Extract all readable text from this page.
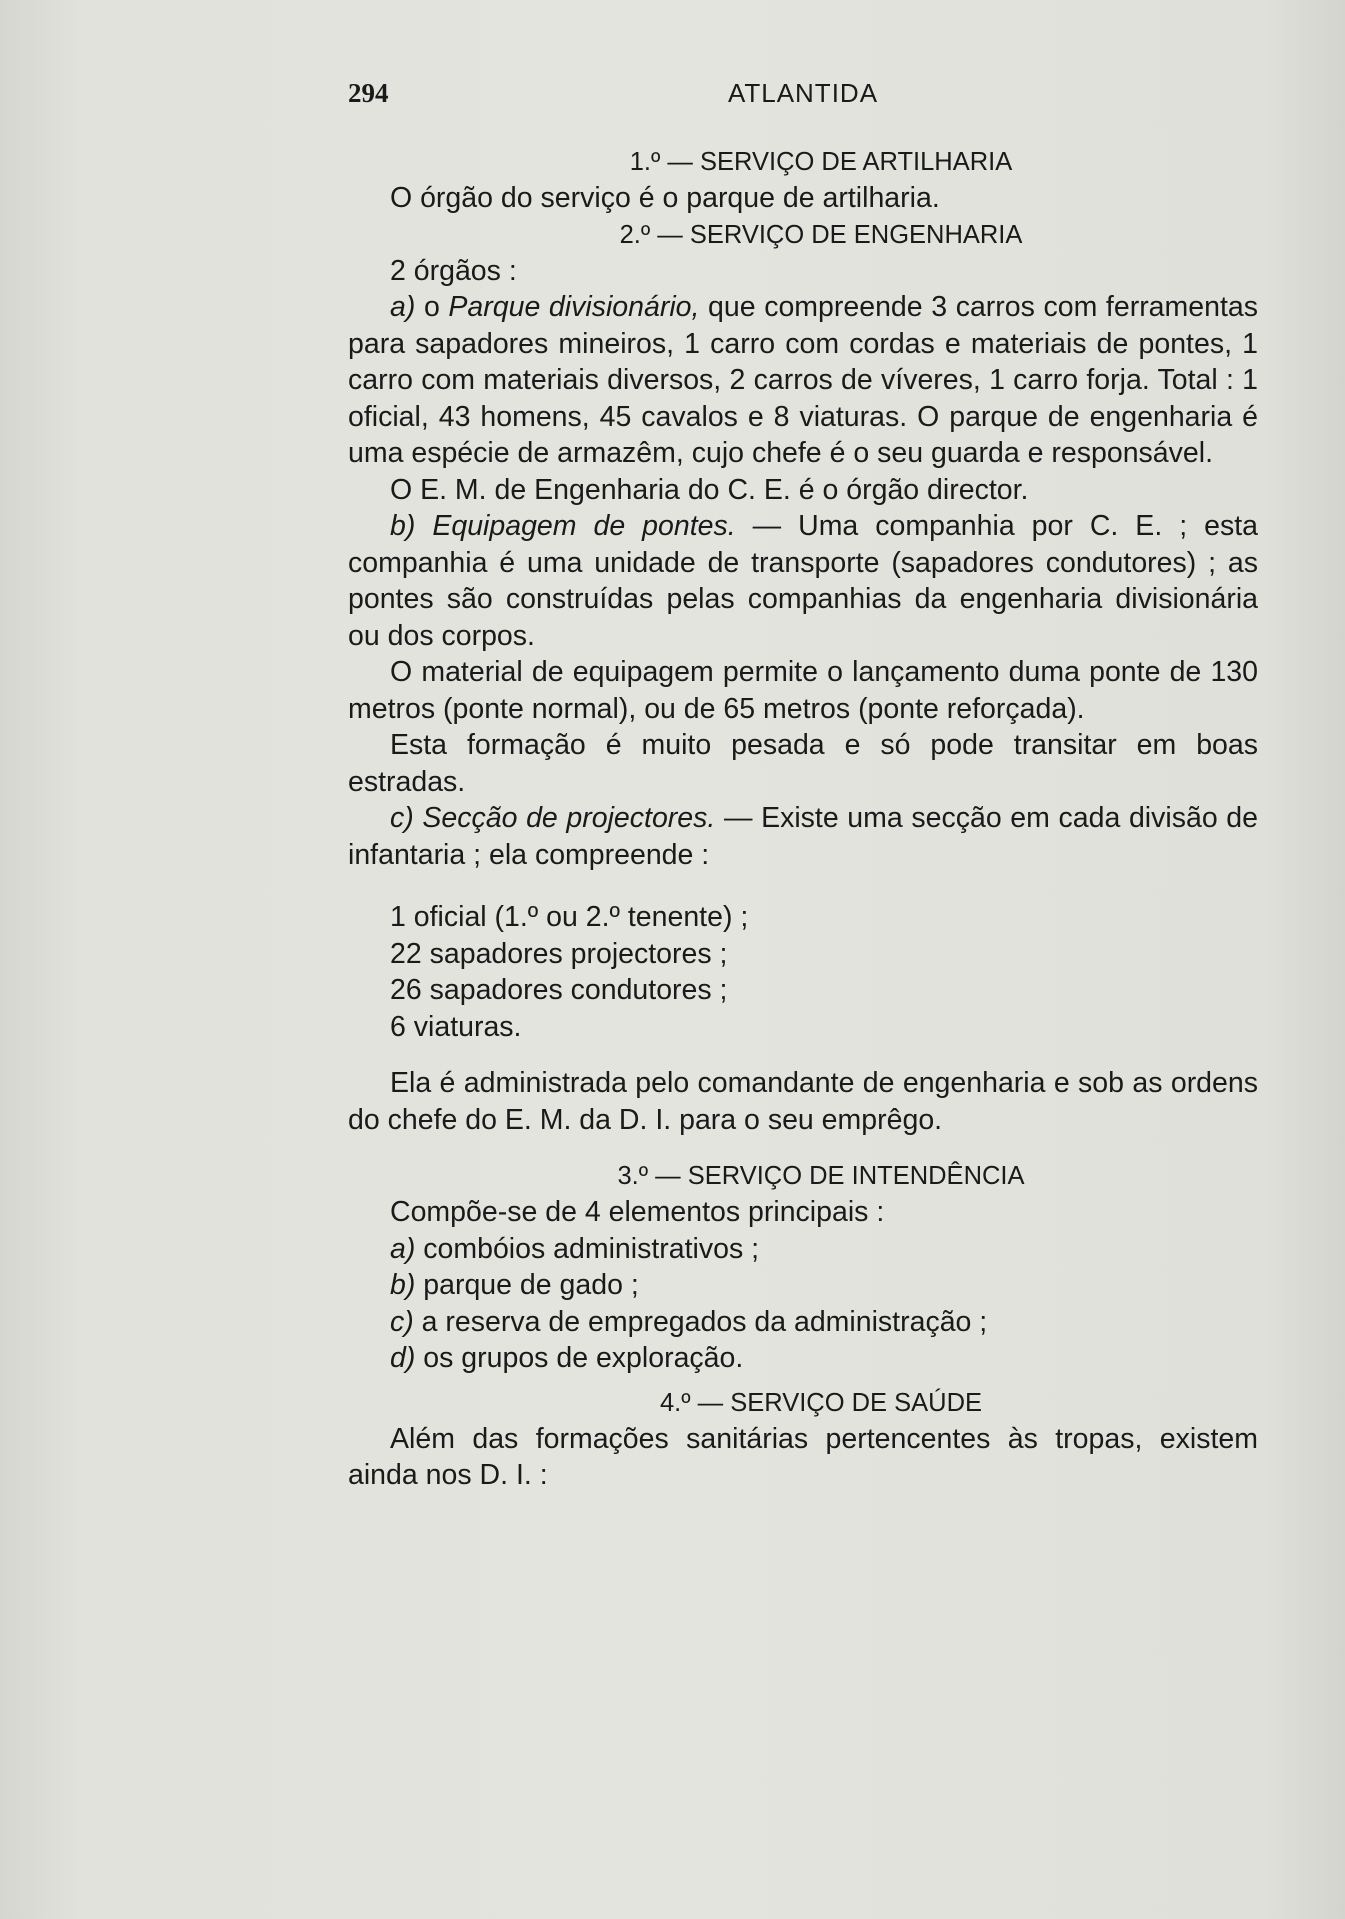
294	ATLANTIDA
1.º — SERVIÇO DE ARTILHARIA

O órgão do serviço é o parque de artilharia.

2.º — SERVIÇO DE ENGENHARIA

2 órgãos :

a) o Parque divisionário, que compreende 3 carros com ferramentas para sapadores mineiros, 1 carro com cordas e materiais de pontes, 1 carro com materiais diversos, 2 carros de víveres, 1 carro forja. Total : 1 oficial, 43 homens, 45 cavalos e 8 viaturas. O parque de engenharia é uma espécie de armazêm, cujo chefe é o seu guarda e responsável.

O E. M. de Engenharia do C. E. é o órgão director.

b) Equipagem de pontes. — Uma companhia por C. E. ; esta companhia é uma unidade de transporte (sapadores condutores) ; as pontes são construídas pelas companhias da engenharia divisionária ou dos corpos.

O material de equipagem permite o lançamento duma ponte de 130 metros (ponte normal), ou de 65 metros (ponte reforçada).

Esta formação é muito pesada e só pode transitar em boas estradas.

c) Secção de projectores. — Existe uma secção em cada divisão de infantaria ; ela compreende :

1 oficial (1.º ou 2.º tenente) ;
22 sapadores projectores ;
26 sapadores condutores ;
6 viaturas.

Ela é administrada pelo comandante de engenharia e sob as ordens do chefe do E. M. da D. I. para o seu emprêgo.

3.º — SERVIÇO DE INTENDÊNCIA

Compõe-se de 4 elementos principais :

a) combóios administrativos ;
b) parque de gado ;
c) a reserva de empregados da administração ;
d) os grupos de exploração.
4.º — SERVIÇO DE SAÚDE

Além das formações sanitárias pertencentes às tropas, existem ainda nos D. I. :
